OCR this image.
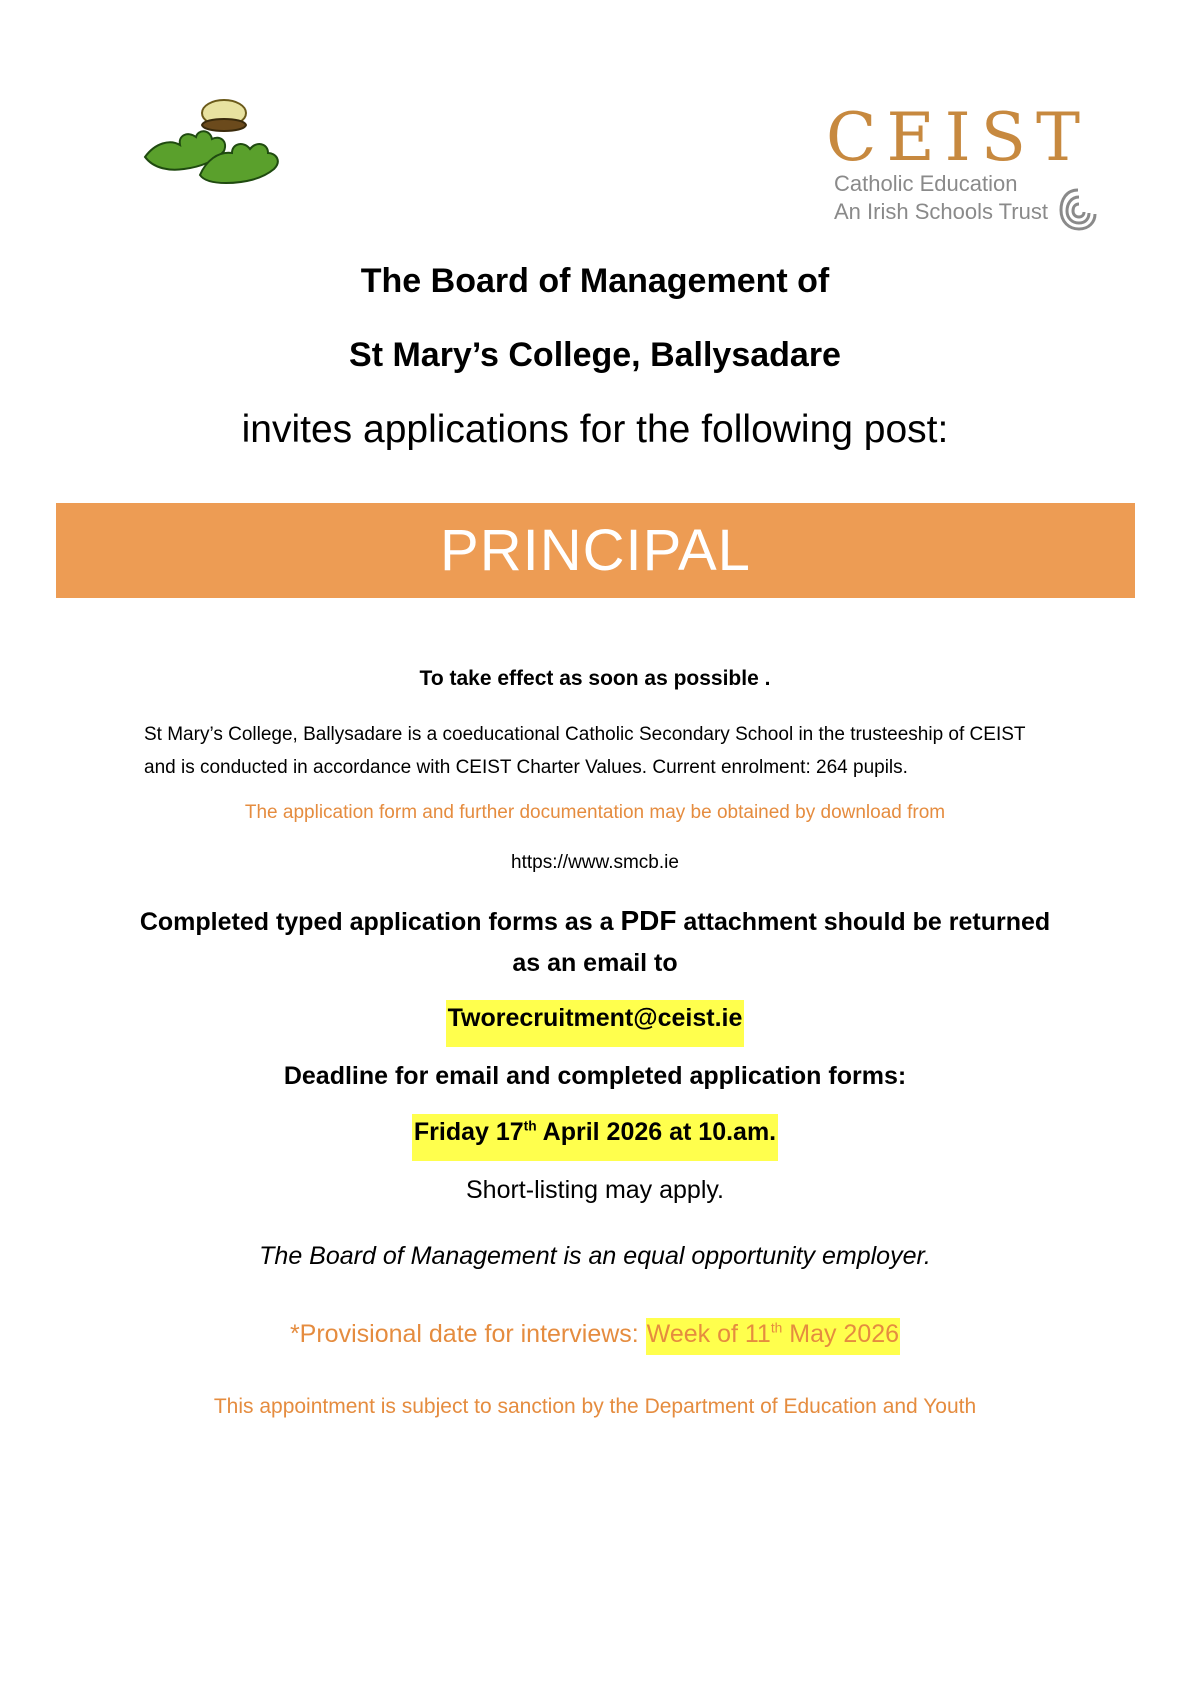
CEIST
Catholic Education
An Irish Schools Trust
The Board of Management of
St Mary’s College, Ballysadare
invites applications for the following post:
PRINCIPAL
To take effect as soon as possible .
St Mary’s College, Ballysadare is a coeducational Catholic Secondary School in the trusteeship of CEIST
and is conducted in accordance with CEIST Charter Values. Current enrolment: 264 pupils.
The application form and further documentation may be obtained by download from
https://www.smcb.ie
Completed typed application forms as a PDF attachment should be returned
as an email to
Tworecruitment@ceist.ie
Deadline for email and completed application forms:
Friday 17th April 2026 at 10.am.
Short-listing may apply.
The Board of Management is an equal opportunity employer.
*Provisional date for interviews: Week of 11th May 2026
This appointment is subject to sanction by the Department of Education and Youth
